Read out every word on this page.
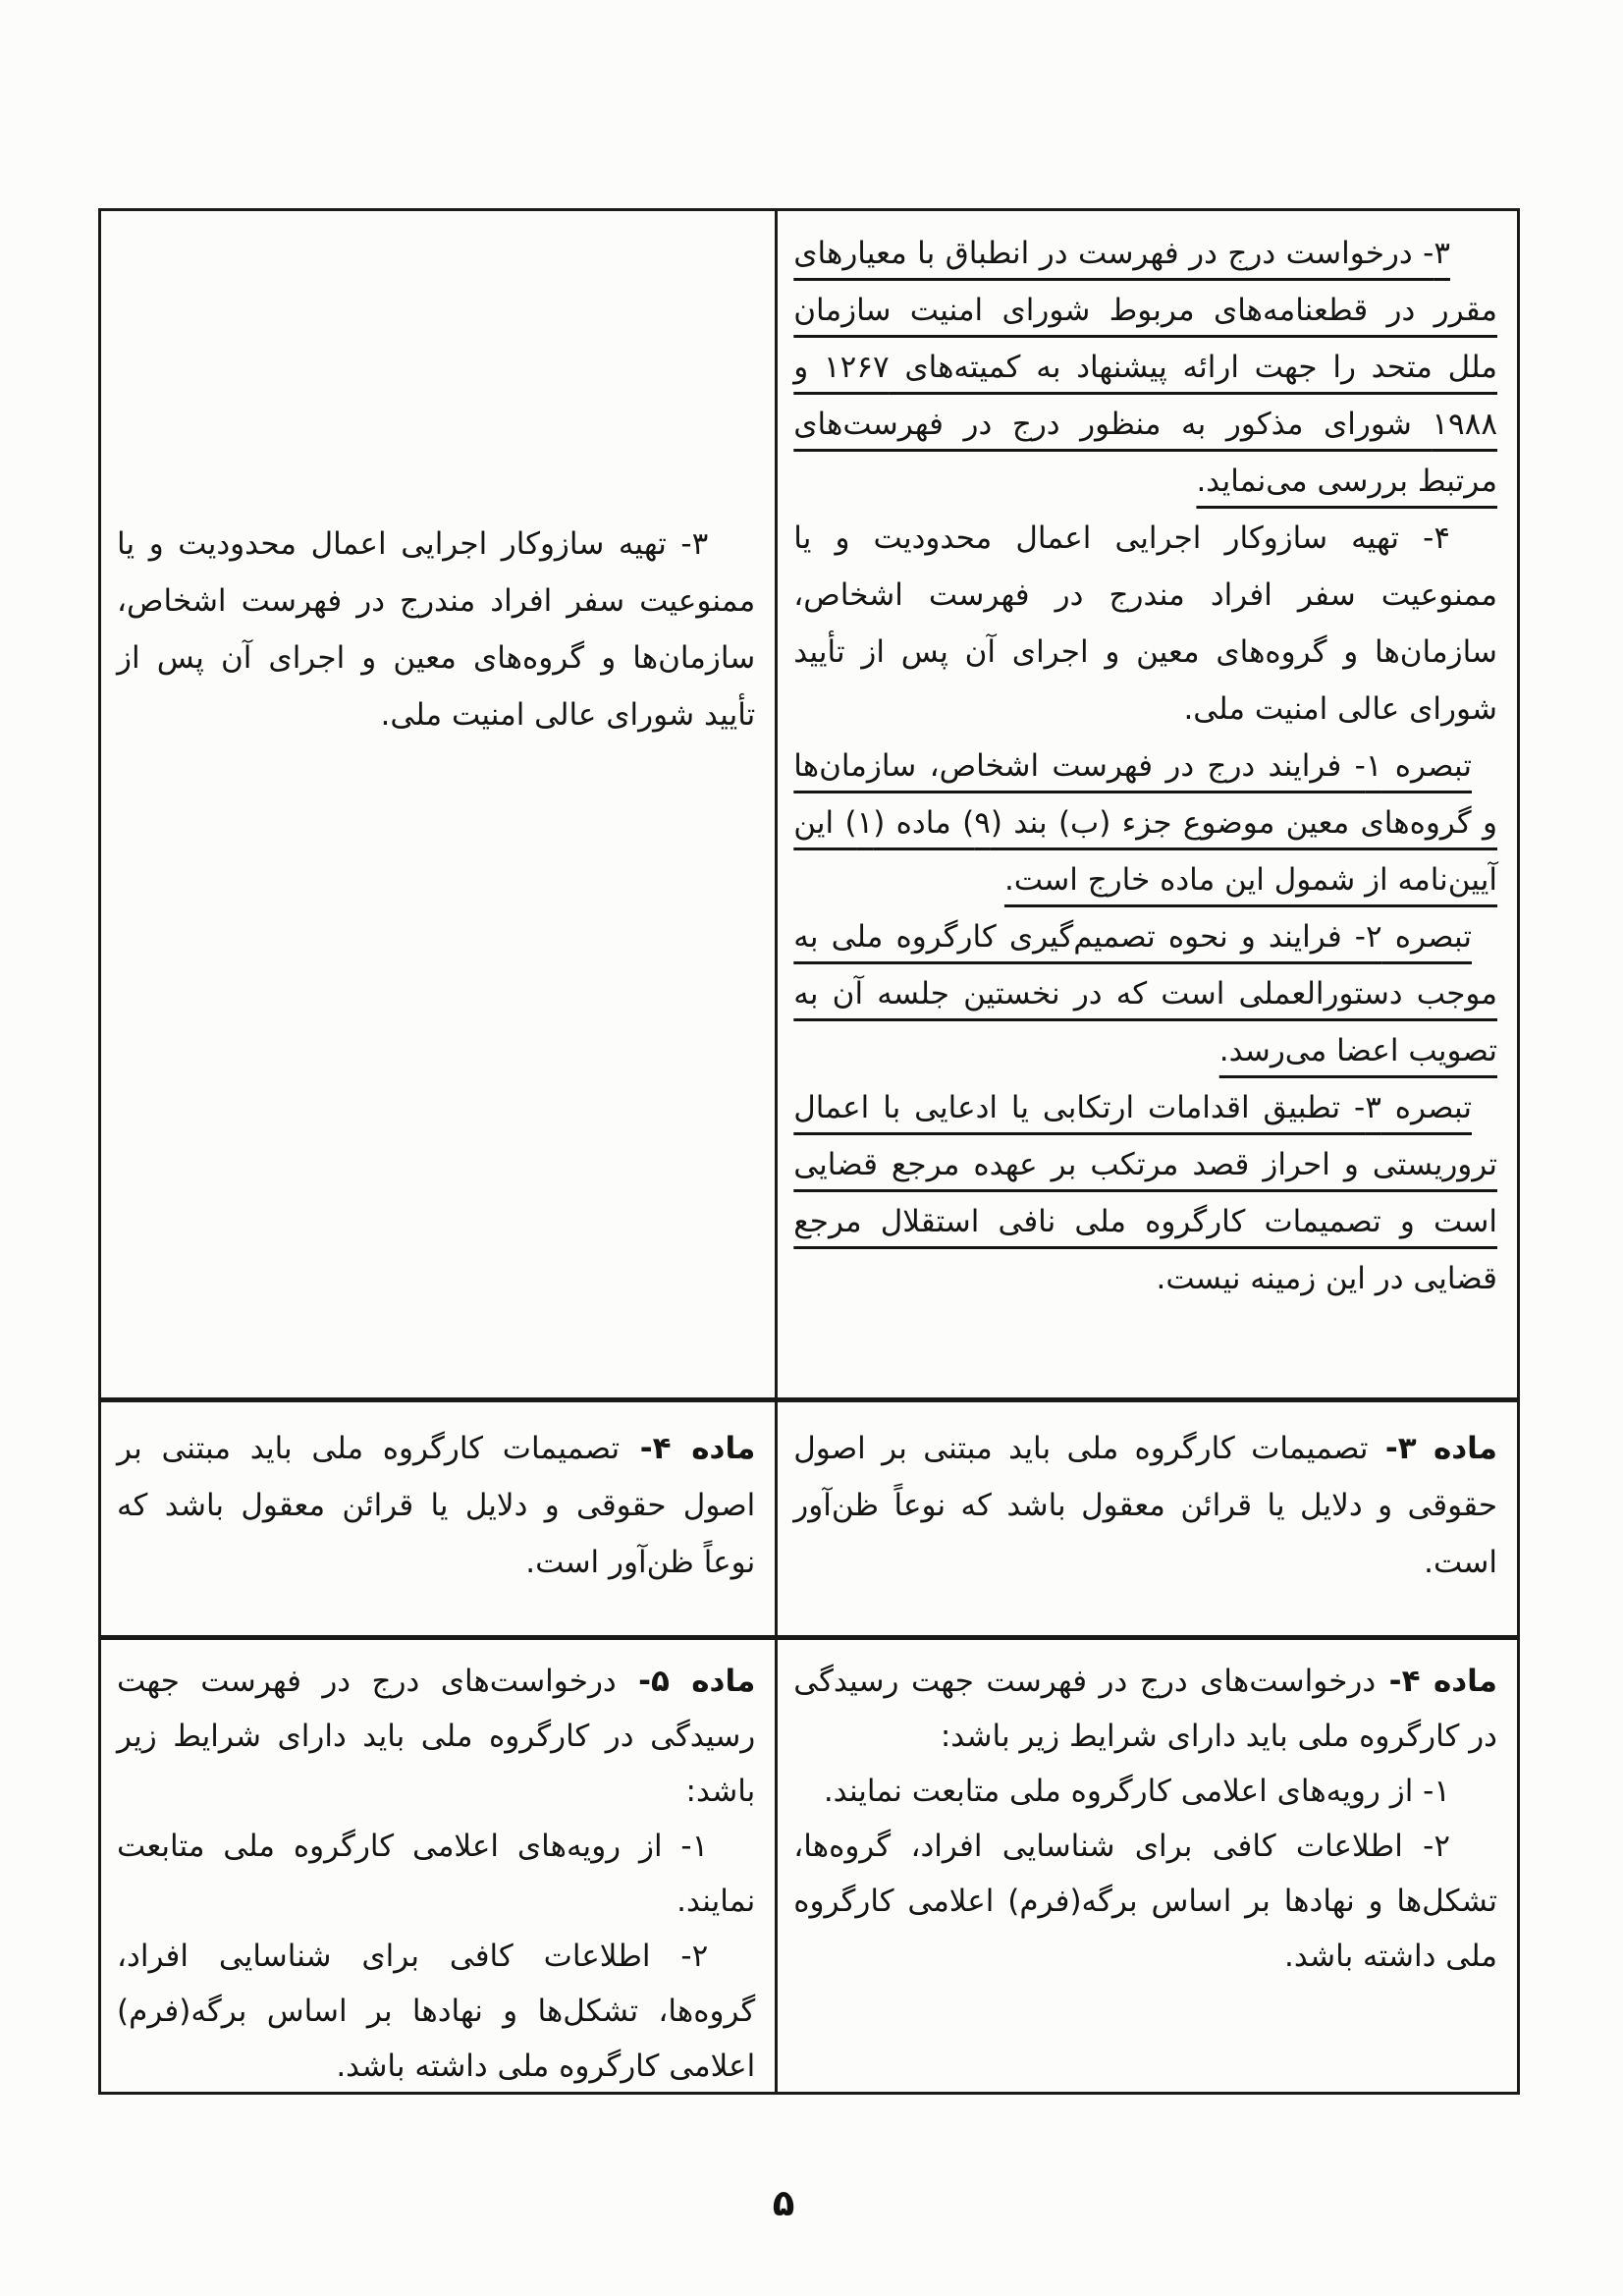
۳- درخواست درج در فهرست در انطباق با معیارهای مقرر در قطعنامه‌های مربوط شورای امنیت سازمان ملل متحد را جهت ارائه پیشنهاد به کمیته‌های ۱۲۶۷ و ۱۹۸۸ شورای مذکور به منظور درج در فهرست‌های مرتبط بررسی می‌نماید.

۴- تهیه سازوکار اجرایی اعمال محدودیت و یا ممنوعیت سفر افراد مندرج در فهرست اشخاص، سازمان‌ها و گروه‌های معین و اجرای آن پس از تأیید شورای عالی امنیت ملی.

تبصره ۱- فرایند درج در فهرست اشخاص، سازمان‌ها و گروه‌های معین موضوع جزء (ب) بند (۹) ماده (۱) این آیین‌نامه از شمول این ماده خارج است.

تبصره ۲- فرایند و نحوه تصمیم‌گیری کارگروه ملی به موجب دستورالعملی است که در نخستین جلسه آن به تصویب اعضا می‌رسد.

تبصره ۳- تطبیق اقدامات ارتکابی یا ادعایی با اعمال تروریستی و احراز قصد مرتکب بر عهده مرجع قضایی است و تصمیمات کارگروه ملی نافی استقلال مرجع قضایی در این زمینه نیست.

۳- تهیه سازوکار اجرایی اعمال محدودیت و یا ممنوعیت سفر افراد مندرج در فهرست اشخاص، سازمان‌ها و گروه‌های معین و اجرای آن پس از تأیید شورای عالی امنیت ملی.

ماده ۳- تصمیمات کارگروه ملی باید مبتنی بر اصول حقوقی و دلایل یا قرائن معقول باشد که نوعاً ظن‌آور است.

ماده ۴- تصمیمات کارگروه ملی باید مبتنی بر اصول حقوقی و دلایل یا قرائن معقول باشد که نوعاً ظن‌آور است.

ماده ۴- درخواست‌های درج در فهرست جهت رسیدگی در کارگروه ملی باید دارای شرایط زیر باشد:

۱- از رویه‌های اعلامی کارگروه ملی متابعت نمایند.

۲- اطلاعات کافی برای شناسایی افراد، گروه‌ها، تشکل‌ها و نهادها بر اساس برگه(فرم) اعلامی کارگروه ملی داشته باشد.

ماده ۵- درخواست‌های درج در فهرست جهت رسیدگی در کارگروه ملی باید دارای شرایط زیر باشد:

۱- از رویه‌های اعلامی کارگروه ملی متابعت نمایند.

۲- اطلاعات کافی برای شناسایی افراد، گروه‌ها، تشکل‌ها و نهادها بر اساس برگه(فرم) اعلامی کارگروه ملی داشته باشد.

۵
